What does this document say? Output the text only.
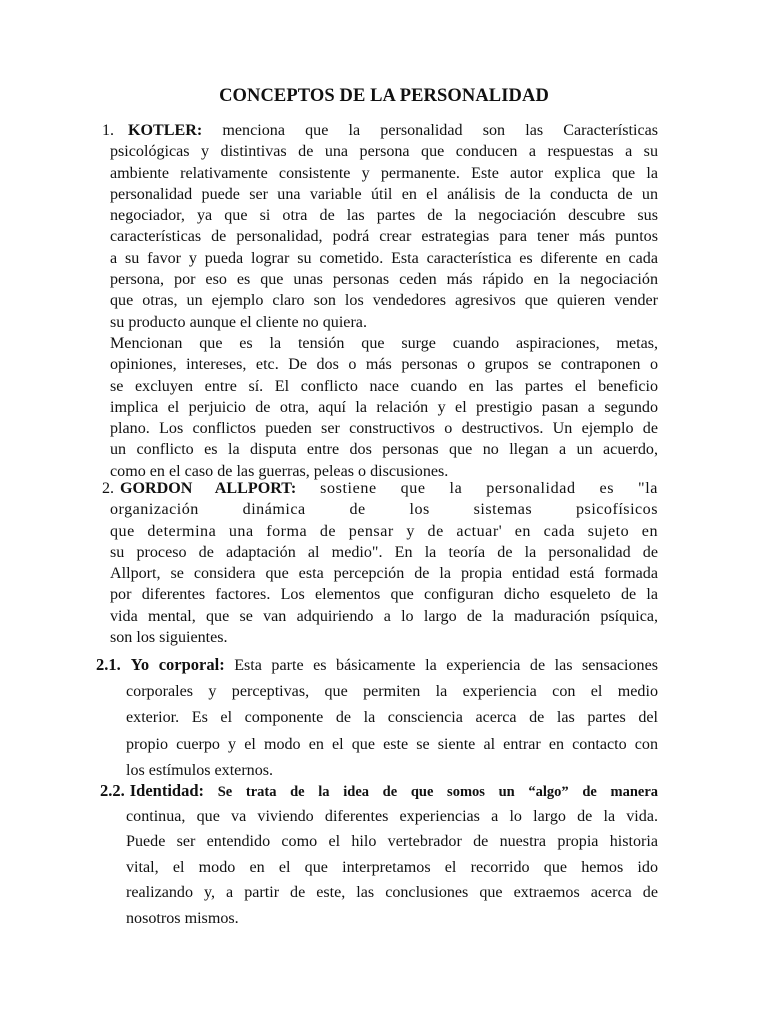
CONCEPTOS DE LA PERSONALIDAD
1. KOTLER: menciona que la personalidad son las Características
psicológicas y distintivas de una persona que conducen a respuestas a su
ambiente relativamente consistente y permanente. Este autor explica que la
personalidad puede ser una variable útil en el análisis de la conducta de un
negociador, ya que si otra de las partes de la negociación descubre sus
características de personalidad, podrá crear estrategias para tener más puntos
a su favor y pueda lograr su cometido. Esta característica es diferente en cada
persona, por eso es que unas personas ceden más rápido en la negociación
que otras, un ejemplo claro son los vendedores agresivos que quieren vender
su producto aunque el cliente no quiera.
Mencionan que es la tensión que surge cuando aspiraciones, metas,
opiniones, intereses, etc. De dos o más personas o grupos se contraponen o
se excluyen entre sí. El conflicto nace cuando en las partes el beneficio
implica el perjuicio de otra, aquí la relación y el prestigio pasan a segundo
plano. Los conflictos pueden ser constructivos o destructivos. Un ejemplo de
un conflicto es la disputa entre dos personas que no llegan a un acuerdo,
como en el caso de las guerras, peleas o discusiones.
2. GORDON ALLPORT: sostiene que la personalidad es "la
organización dinámica de los sistemas psicofísicos
que determina una forma de pensar y de actuar' en cada sujeto en
su proceso de adaptación al medio". En la teoría de la personalidad de
Allport, se considera que esta percepción de la propia entidad está formada
por diferentes factores. Los elementos que configuran dicho esqueleto de la
vida mental, que se van adquiriendo a lo largo de la maduración psíquica,
son los siguientes.
2.1. Yo corporal: Esta parte es básicamente la experiencia de las sensaciones
corporales y perceptivas, que permiten la experiencia con el medio
exterior. Es el componente de la consciencia acerca de las partes del
propio cuerpo y el modo en el que este se siente al entrar en contacto con
los estímulos externos.
2.2. Identidad: Se trata de la idea de que somos un “algo” de manera
continua, que va viviendo diferentes experiencias a lo largo de la vida.
Puede ser entendido como el hilo vertebrador de nuestra propia historia
vital, el modo en el que interpretamos el recorrido que hemos ido
realizando y, a partir de este, las conclusiones que extraemos acerca de
nosotros mismos.
